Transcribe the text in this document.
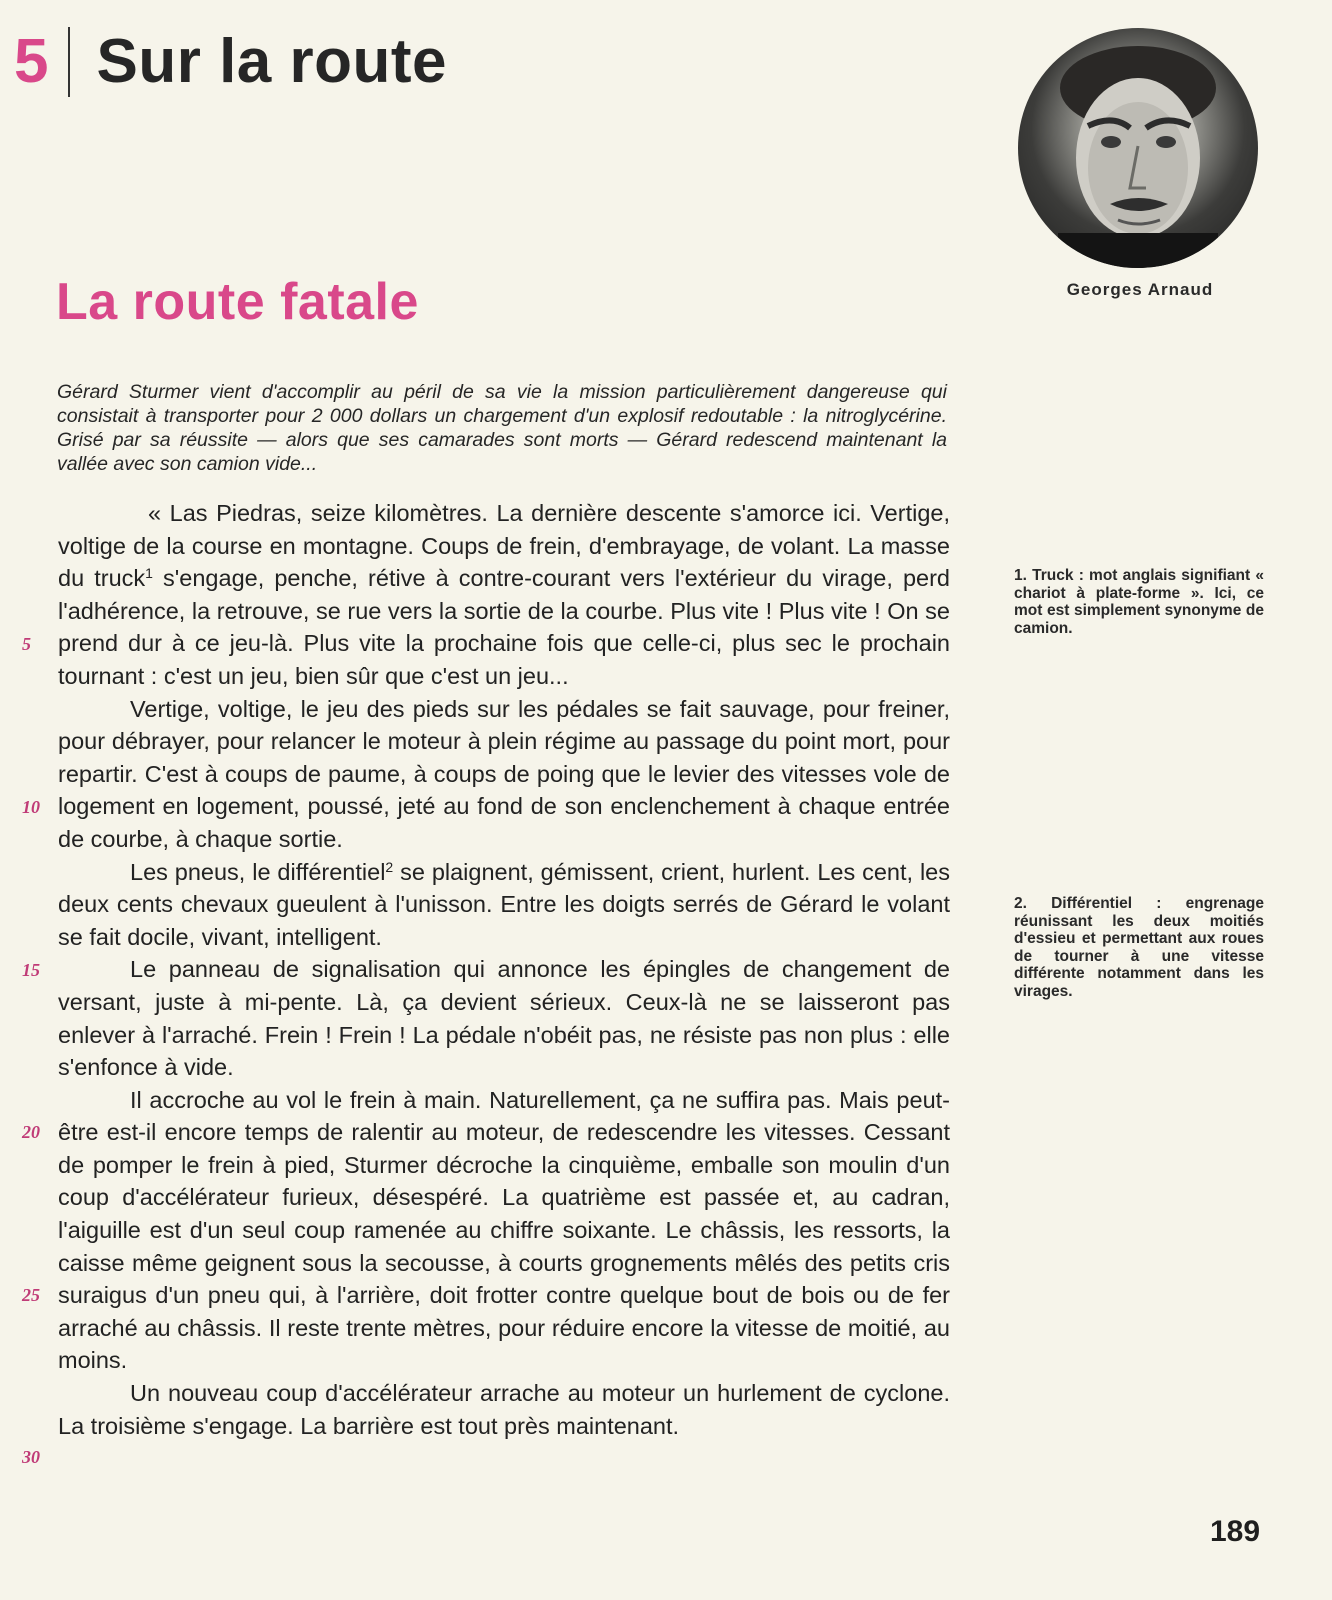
5 Sur la route
Georges Arnaud
La route fatale

Gérard Sturmer vient d'accomplir au péril de sa vie la mission particulièrement dangereuse qui consistait à transporter pour 2 000 dollars un chargement d'un explosif redoutable : la nitroglycérine. Grisé par sa réussite — alors que ses camarades sont morts — Gérard redescend maintenant la vallée avec son camion vide...

« Las Piedras, seize kilomètres. La dernière descente s'amorce ici. Vertige, voltige de la course en montagne. Coups de frein, d'embrayage, de volant. La masse du truck$^1$ s'engage, penche, rétive à contre-courant vers l'extérieur du virage, perd l'adhérence, la retrouve, se rue vers la sortie de la courbe. Plus vite ! Plus vite ! On se prend dur à ce jeu-là. Plus vite la prochaine fois que celle-ci, plus sec le prochain tournant : c'est un jeu, bien sûr que c'est un jeu...

Vertige, voltige, le jeu des pieds sur les pédales se fait sauvage, pour freiner, pour débrayer, pour relancer le moteur à plein régime au passage du point mort, pour repartir. C'est à coups de paume, à coups de poing que le levier des vitesses vole de logement en logement, poussé, jeté au fond de son enclenchement à chaque entrée de courbe, à chaque sortie.

Les pneus, le différentiel$^2$ se plaignent, gémissent, crient, hurlent. Les cent, les deux cents chevaux gueulent à l'unisson. Entre les doigts serrés de Gérard le volant se fait docile, vivant, intelligent.

Le panneau de signalisation qui annonce les épingles de changement de versant, juste à mi-pente. Là, ça devient sérieux. Ceux-là ne se laisseront pas enlever à l'arraché. Frein ! Frein ! La pédale n'obéit pas, ne résiste pas non plus : elle s'enfonce à vide.

Il accroche au vol le frein à main. Naturellement, ça ne suffira pas. Mais peut-être est-il encore temps de ralentir au moteur, de redescendre les vitesses. Cessant de pomper le frein à pied, Sturmer décroche la cinquième, emballe son moulin d'un coup d'accélérateur furieux, désespéré. La quatrième est passée et, au cadran, l'aiguille est d'un seul coup ramenée au chiffre soixante. Le châssis, les ressorts, la caisse même geignent sous la secousse, à courts grognements mêlés des petits cris suraigus d'un pneu qui, à l'arrière, doit frotter contre quelque bout de bois ou de fer arraché au châssis. Il reste trente mètres, pour réduire encore la vitesse de moitié, au moins.

Un nouveau coup d'accélérateur arrache au moteur un hurlement de cyclone. La troisième s'engage. La barrière est tout près maintenant.

5
10
15
20
25
30
1. Truck : mot anglais signifiant « chariot à plate-forme ». Ici, ce mot est simplement synonyme de camion.
2. Différentiel : engrenage réunissant les deux moitiés d'essieu et permettant aux roues de tourner à une vitesse différente notamment dans les virages.
189
